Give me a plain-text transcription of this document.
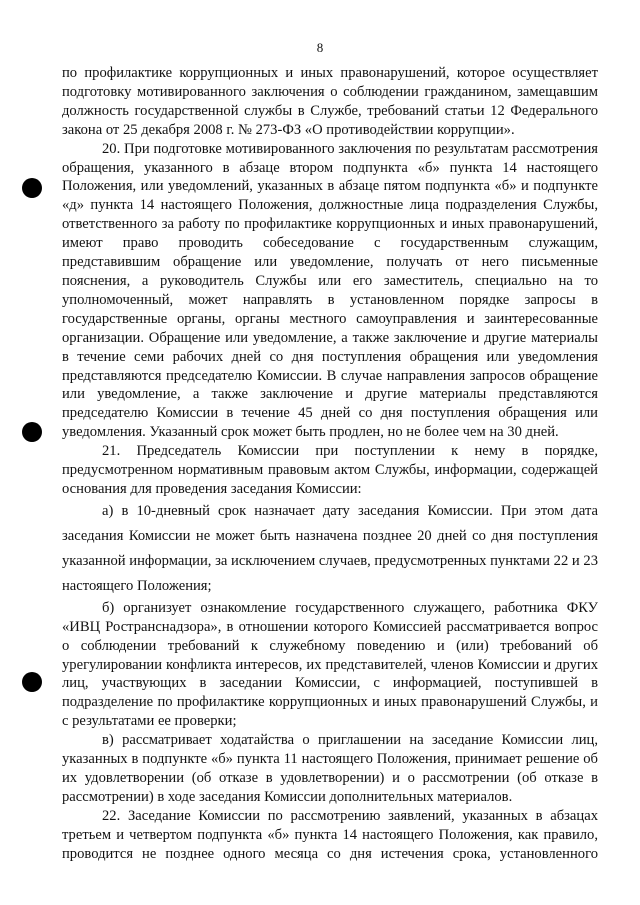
8

по профилактике коррупционных и иных правонарушений, которое осуществляет подготовку мотивированного заключения о соблюдении гражданином, замещавшим должность государственной службы в Службе, требований статьи 12 Федерального закона от 25 декабря 2008 г. № 273-ФЗ «О противодействии коррупции».

20. При подготовке мотивированного заключения по результатам рассмотрения обращения, указанного в абзаце втором подпункта «б» пункта 14 настоящего Положения, или уведомлений, указанных в абзаце пятом подпункта «б» и подпункте «д» пункта 14 настоящего Положения, должностные лица подразделения Службы, ответственного за работу по профилактике коррупционных и иных правонарушений, имеют право проводить собеседование с государственным служащим, представившим обращение или уведомление, получать от него письменные пояснения, а руководитель Службы или его заместитель, специально на то уполномоченный, может направлять в установленном порядке запросы в государственные органы, органы местного самоуправления и заинтересованные организации. Обращение или уведомление, а также заключение и другие материалы в течение семи рабочих дней со дня поступления обращения или уведомления представляются председателю Комиссии. В случае направления запросов обращение или уведомление, а также заключение и другие материалы представляются председателю Комиссии в течение 45 дней со дня поступления обращения или уведомления. Указанный срок может быть продлен, но не более чем на 30 дней.

21. Председатель Комиссии при поступлении к нему в порядке, предусмотренном нормативным правовым актом Службы, информации, содержащей основания для проведения заседания Комиссии:

а) в 10-дневный срок назначает дату заседания Комиссии. При этом дата заседания Комиссии не может быть назначена позднее 20 дней со дня поступления указанной информации, за исключением случаев, предусмотренных пунктами 22 и 23 настоящего Положения;

б) организует ознакомление государственного служащего, работника ФКУ «ИВЦ Ространснадзора», в отношении которого Комиссией рассматривается вопрос о соблюдении требований к служебному поведению и (или) требований об урегулировании конфликта интересов, их представителей, членов Комиссии и других лиц, участвующих в заседании Комиссии, с информацией, поступившей в подразделение по профилактике коррупционных и иных правонарушений Службы, и с результатами ее проверки;

в) рассматривает ходатайства о приглашении на заседание Комиссии лиц, указанных в подпункте «б» пункта 11 настоящего Положения, принимает решение об их удовлетворении (об отказе в удовлетворении) и о рассмотрении (об отказе в рассмотрении) в ходе заседания Комиссии дополнительных материалов.

22. Заседание Комиссии по рассмотрению заявлений, указанных в абзацах третьем и четвертом подпункта «б» пункта 14 настоящего Положения, как правило, проводится не позднее одного месяца со дня истечения срока, установленного
